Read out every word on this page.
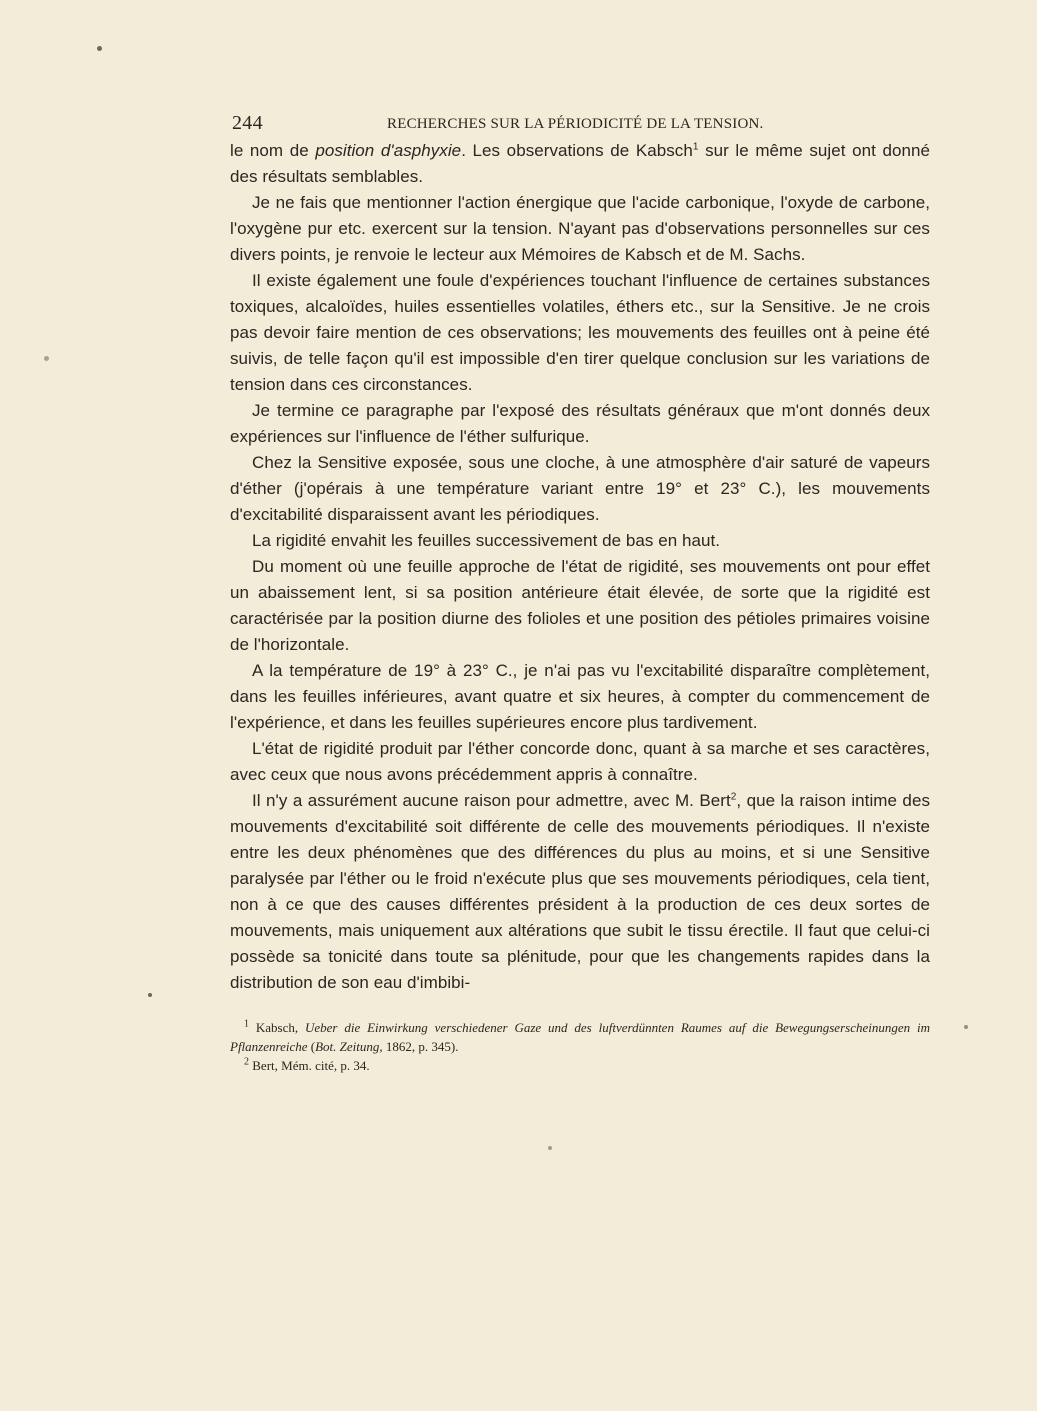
244	RECHERCHES SUR LA PÉRIODICITÉ DE LA TENSION.

le nom de position d'asphyxie. Les observations de Kabsch$^1$ sur le même sujet ont donné des résultats semblables.

Je ne fais que mentionner l'action énergique que l'acide carbonique, l'oxyde de carbone, l'oxygène pur etc. exercent sur la tension. N'ayant pas d'observations personnelles sur ces divers points, je renvoie le lecteur aux Mémoires de Kabsch et de M. Sachs.

Il existe également une foule d'expériences touchant l'influence de certaines substances toxiques, alcaloïdes, huiles essentielles volatiles, éthers etc., sur la Sensitive. Je ne crois pas devoir faire mention de ces observations; les mouvements des feuilles ont à peine été suivis, de telle façon qu'il est impossible d'en tirer quelque conclusion sur les variations de tension dans ces circonstances.

Je termine ce paragraphe par l'exposé des résultats généraux que m'ont donnés deux expériences sur l'influence de l'éther sulfurique.

Chez la Sensitive exposée, sous une cloche, à une atmosphère d'air saturé de vapeurs d'éther (j'opérais à une température variant entre 19° et 23° C.), les mouvements d'excitabilité disparaissent avant les périodiques.

La rigidité envahit les feuilles successivement de bas en haut.

Du moment où une feuille approche de l'état de rigidité, ses mouvements ont pour effet un abaissement lent, si sa position antérieure était élevée, de sorte que la rigidité est caractérisée par la position diurne des folioles et une position des pétioles primaires voisine de l'horizontale.

A la température de 19° à 23° C., je n'ai pas vu l'excitabilité disparaître complètement, dans les feuilles inférieures, avant quatre et six heures, à compter du commencement de l'expérience, et dans les feuilles supérieures encore plus tardivement.

L'état de rigidité produit par l'éther concorde donc, quant à sa marche et ses caractères, avec ceux que nous avons précédemment appris à connaître.

Il n'y a assurément aucune raison pour admettre, avec M. Bert$^2$, que la raison intime des mouvements d'excitabilité soit différente de celle des mouvements périodiques. Il n'existe entre les deux phénomènes que des différences du plus au moins, et si une Sensitive paralysée par l'éther ou le froid n'exécute plus que ses mouvements périodiques, cela tient, non à ce que des causes différentes président à la production de ces deux sortes de mouvements, mais uniquement aux altérations que subit le tissu érectile. Il faut que celui-ci possède sa tonicité dans toute sa plénitude, pour que les changements rapides dans la distribution de son eau d'imbibi-

$^1$ Kabsch, Ueber die Einwirkung verschiedener Gaze und des luftverdünnten Raumes auf die Bewegungserscheinungen im Pflanzenreiche (Bot. Zeitung, 1862, p. 345).

$^2$ Bert, Mém. cité, p. 34.
